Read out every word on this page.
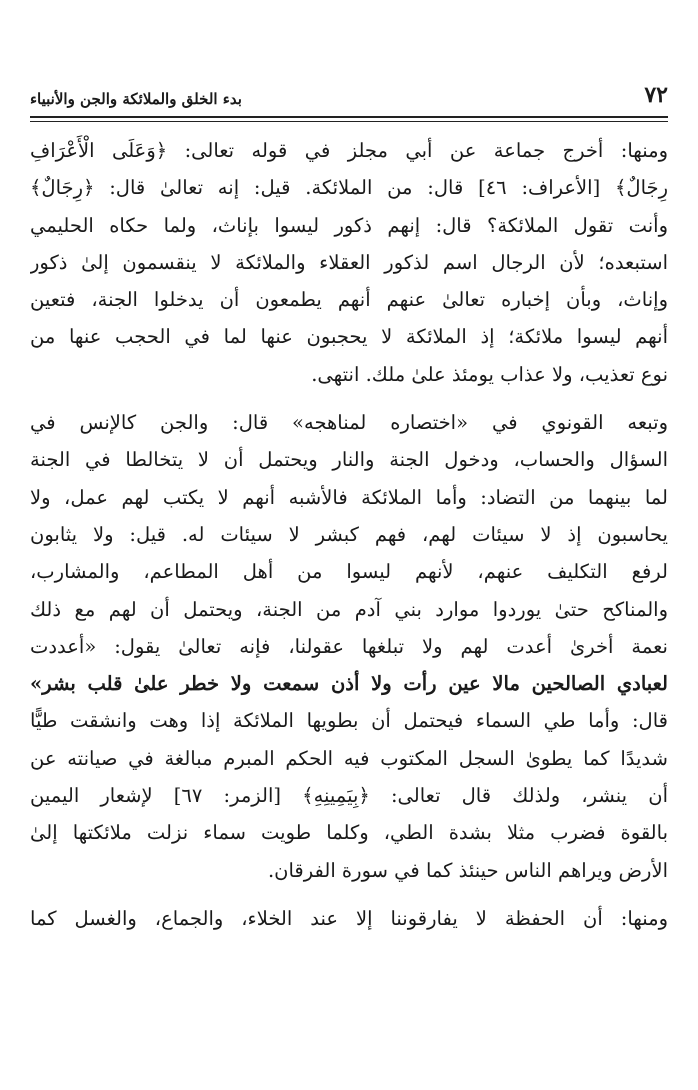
٧٢
بدء الخلق والملائكة والجن والأنبياء
ومنها: أخرج جماعة عن أبي مجلز في قوله تعالى: ﴿وَعَلَى الْأَعْرَافِ
رِجَالٌ﴾ [الأعراف: ٤٦] قال: من الملائكة. قيل: إنه تعالىٰ قال: ﴿رِجَالٌ﴾
وأنت تقول الملائكة؟ قال: إنهم ذكور ليسوا بإناث، ولما حكاه الحليمي
استبعده؛ لأن الرجال اسم لذكور العقلاء والملائكة لا ينقسمون إلىٰ ذكور
وإناث، وبأن إخباره تعالىٰ عنهم أنهم يطمعون أن يدخلوا الجنة، فتعين
أنهم ليسوا ملائكة؛ إذ الملائكة لا يحجبون عنها لما في الحجب عنها من
نوع تعذيب، ولا عذاب يومئذ علىٰ ملك. انتهى.
وتبعه القونوي في «اختصاره لمناهجه» قال: والجن كالإنس في
السؤال والحساب، ودخول الجنة والنار ويحتمل أن لا يتخالطا في الجنة
لما بينهما من التضاد: وأما الملائكة فالأشبه أنهم لا يكتب لهم عمل، ولا
يحاسبون إذ لا سيئات لهم، فهم كبشر لا سيئات له. قيل: ولا يثابون
لرفع التكليف عنهم، لأنهم ليسوا من أهل المطاعم، والمشارب،
والمناكح حتىٰ يوردوا موارد بني آدم من الجنة، ويحتمل أن لهم مع ذلك
نعمة أخرىٰ أعدت لهم ولا تبلغها عقولنا، فإنه تعالىٰ يقول: «أعددت
لعبادي الصالحين مالا عين رأت ولا أذن سمعت ولا خطر علىٰ قلب بشر»
قال: وأما طي السماء فيحتمل أن بطويها الملائكة إذا وهت وانشقت طيًّا
شديدًا كما يطوىٰ السجل المكتوب فيه الحكم المبرم مبالغة في صيانته عن
أن ينشر، ولذلك قال تعالى: ﴿بِيَمِينِهِ﴾ [الزمر: ٦٧] لإشعار اليمين
بالقوة فضرب مثلا بشدة الطي، وكلما طويت سماء نزلت ملائكتها إلىٰ
الأرض ويراهم الناس حينئذ كما في سورة الفرقان.
ومنها: أن الحفظة لا يفارقوننا إلا عند الخلاء، والجماع، والغسل كما
